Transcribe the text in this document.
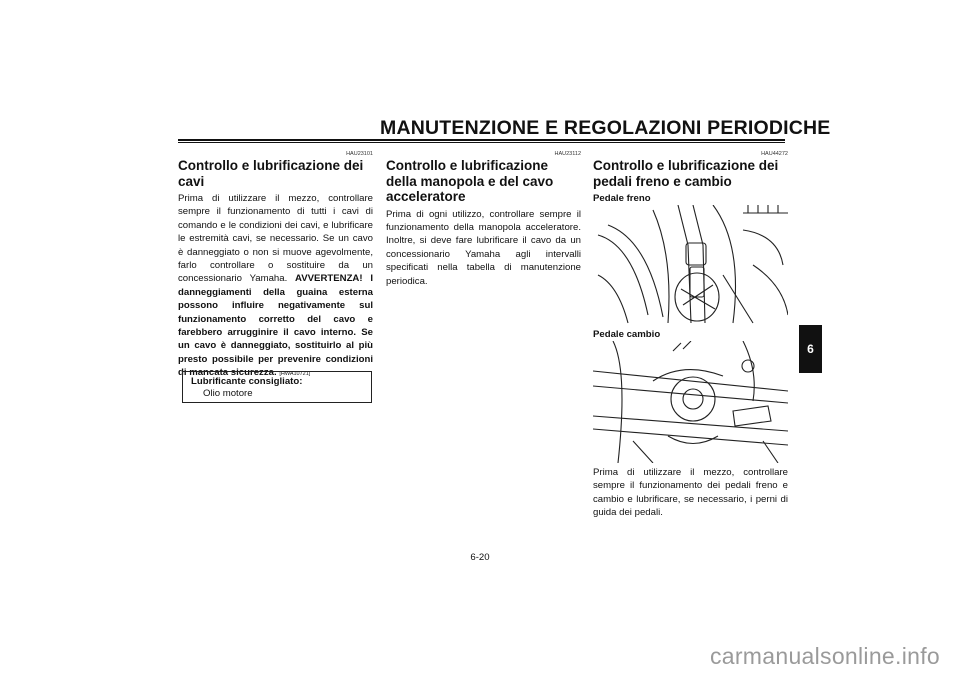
MANUTENZIONE E REGOLAZIONI PERIODICHE
HAU23101
Controllo e lubrificazione dei cavi

Prima di utilizzare il mezzo, controllare sempre il funzionamento di tutti i cavi di comando e le condizioni dei cavi, e lubrificare le estremità cavi, se necessario. Se un cavo è danneggiato o non si muove agevolmente, farlo controllare o sostituire da un concessionario Yamaha. AVVERTENZA! I danneggiamenti della guaina esterna possono influire negativamente sul funzionamento corretto del cavo e farebbero arrugginire il cavo interno. Se un cavo è danneggiato, sostituirlo al più presto possibile per prevenire condizioni di mancata sicurezza. [HWA10721]

Lubrificante consigliato:
Olio motore
HAU23112
Controllo e lubrificazione della manopola e del cavo acceleratore

Prima di ogni utilizzo, controllare sempre il funzionamento della manopola acceleratore. Inoltre, si deve fare lubrificare il cavo da un concessionario Yamaha agli intervalli specificati nella tabella di manutenzione periodica.

HAU44272
Controllo e lubrificazione dei pedali freno e cambio
Pedale freno
Pedale cambio

Prima di utilizzare il mezzo, controllare sempre il funzionamento dei pedali freno e cambio e lubrificare, se necessario, i perni di guida dei pedali.

6
6-20
carmanualsonline.info
